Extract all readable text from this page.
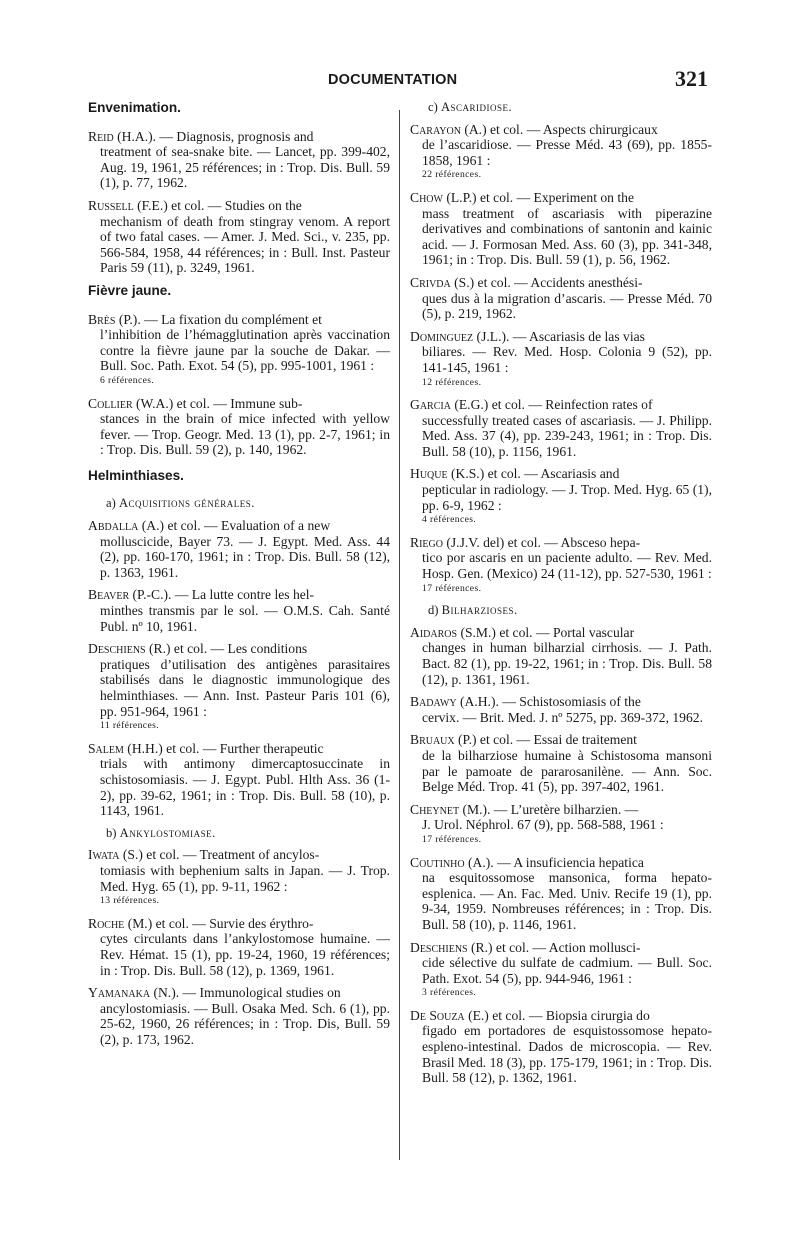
DOCUMENTATION	321
Envenimation.
Reid (H.A.). — Diagnosis, prognosis and
treatment of sea-snake bite. — Lancet, pp. 399-402, Aug. 19, 1961, 25 références; in : Trop. Dis. Bull. 59 (1), p. 77, 1962.
Russell (F.E.) et col. — Studies on the
mechanism of death from stingray venom. A report of two fatal cases. — Amer. J. Med. Sci., v. 235, pp. 566-584, 1958, 44 références; in : Bull. Inst. Pasteur Paris 59 (11), p. 3249, 1961.
Fièvre jaune.
Brès (P.). — La fixation du complément et
l’inhibition de l’hémagglutination après vaccination contre la fièvre jaune par la souche de Dakar. — Bull. Soc. Path. Exot. 54 (5), pp. 995-1001, 1961 :
6 références.
Collier (W.A.) et col. — Immune sub-
stances in the brain of mice infected with yellow fever. — Trop. Geogr. Med. 13 (1), pp. 2-7, 1961; in : Trop. Dis. Bull. 59 (2), p. 140, 1962.
Helminthiases.
a) Acquisitions générales.
Abdalla (A.) et col. — Evaluation of a new
molluscicide, Bayer 73. — J. Egypt. Med. Ass. 44 (2), pp. 160-170, 1961; in : Trop. Dis. Bull. 58 (12), p. 1363, 1961.
Beaver (P.-C.). — La lutte contre les hel-
minthes transmis par le sol. — O.M.S. Cah. Santé Publ. nº 10, 1961.
Deschiens (R.) et col. — Les conditions
pratiques d’utilisation des antigènes parasitaires stabilisés dans le diagnostic immunologique des helminthiases. — Ann. Inst. Pasteur Paris 101 (6), pp. 951-964, 1961 :
11 références.
Salem (H.H.) et col. — Further therapeutic
trials with antimony dimercaptosuccinate in schistosomiasis. — J. Egypt. Publ. Hlth Ass. 36 (1-2), pp. 39-62, 1961; in : Trop. Dis. Bull. 58 (10), p. 1143, 1961.
b) Ankylostomiase.
Iwata (S.) et col. — Treatment of ancylos-
tomiasis with bephenium salts in Japan. — J. Trop. Med. Hyg. 65 (1), pp. 9-11, 1962 :
13 références.
Roche (M.) et col. — Survie des érythro-
cytes circulants dans l’ankylostomose humaine. — Rev. Hémat. 15 (1), pp. 19-24, 1960, 19 références; in : Trop. Dis. Bull. 58 (12), p. 1369, 1961.
Yamanaka (N.). — Immunological studies on
ancylostomiasis. — Bull. Osaka Med. Sch. 6 (1), pp. 25-62, 1960, 26 références; in : Trop. Dis, Bull. 59 (2), p. 173, 1962.
c) Ascaridiose.
Carayon (A.) et col. — Aspects chirurgicaux
de l’ascaridiose. — Presse Méd. 43 (69), pp. 1855-1858, 1961 :
22 références.
Chow (L.P.) et col. — Experiment on the
mass treatment of ascariasis with piperazine derivatives and combinations of santonin and kainic acid. — J. Formosan Med. Ass. 60 (3), pp. 341-348, 1961; in : Trop. Dis. Bull. 59 (1), p. 56, 1962.
Crivda (S.) et col. — Accidents anesthési-
ques dus à la migration d’ascaris. — Presse Méd. 70 (5), p. 219, 1962.
Dominguez (J.L.). — Ascariasis de las vias
biliares. — Rev. Med. Hosp. Colonia 9 (52), pp. 141-145, 1961 :
12 références.
Garcia (E.G.) et col. — Reinfection rates of
successfully treated cases of ascariasis. — J. Philipp. Med. Ass. 37 (4), pp. 239-243, 1961; in : Trop. Dis. Bull. 58 (10), p. 1156, 1961.
Huque (K.S.) et col. — Ascariasis and
pepticular in radiology. — J. Trop. Med. Hyg. 65 (1), pp. 6-9, 1962 :
4 références.
Riego (J.J.V. del) et col. — Absceso hepa-
tico por ascaris en un paciente adulto. — Rev. Med. Hosp. Gen. (Mexico) 24 (11-12), pp. 527-530, 1961 :
17 références.
d) Bilharzioses.
Aidaros (S.M.) et col. — Portal vascular
changes in human bilharzial cirrhosis. — J. Path. Bact. 82 (1), pp. 19-22, 1961; in : Trop. Dis. Bull. 58 (12), p. 1361, 1961.
Badawy (A.H.). — Schistosomiasis of the
cervix. — Brit. Med. J. nº 5275, pp. 369-372, 1962.
Bruaux (P.) et col. — Essai de traitement
de la bilharziose humaine à Schistosoma mansoni par le pamoate de pararosanilène. — Ann. Soc. Belge Méd. Trop. 41 (5), pp. 397-402, 1961.
Cheynet (M.). — L’uretère bilharzien. —
J. Urol. Néphrol. 67 (9), pp. 568-588, 1961 :
17 références.
Coutinho (A.). — A insuficiencia hepatica
na esquitossomose mansonica, forma hepato-esplenica. — An. Fac. Med. Univ. Recife 19 (1), pp. 9-34, 1959. Nombreuses références; in : Trop. Dis. Bull. 58 (10), p. 1146, 1961.
Deschiens (R.) et col. — Action mollusci-
cide sélective du sulfate de cadmium. — Bull. Soc. Path. Exot. 54 (5), pp. 944-946, 1961 :
3 références.
De Souza (E.) et col. — Biopsia cirurgia do
figado em portadores de esquistossomose hepato-espleno-intestinal. Dados de microscopia. — Rev. Brasil Med. 18 (3), pp. 175-179, 1961; in : Trop. Dis. Bull. 58 (12), p. 1362, 1961.
